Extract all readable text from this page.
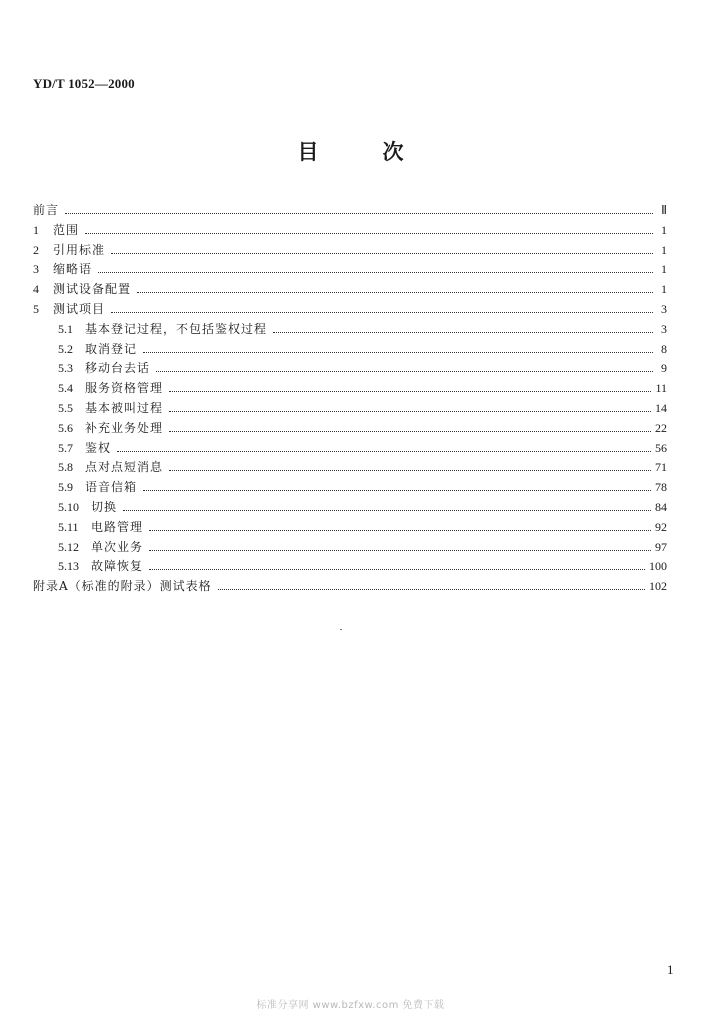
YD/T 1052—2000
目	次
前言	Ⅱ
1	范围	1
2	引用标准	1
3	缩略语	1
4	测试设备配置	1
5	测试项目	3
5.1	基本登记过程，不包括鉴权过程	3
5.2	取消登记	8
5.3	移动台去话	9
5.4	服务资格管理	11
5.5	基本被叫过程	14
5.6	补充业务处理	22
5.7	鉴权	56
5.8	点对点短消息	71
5.9	语音信箱	78
5.10	切换	84
5.11	电路管理	92
5.12	单次业务	97
5.13	故障恢复	100
附录A（标准的附录）测试表格	102
1
标准分享网 www.bzfxw.com 免费下载
